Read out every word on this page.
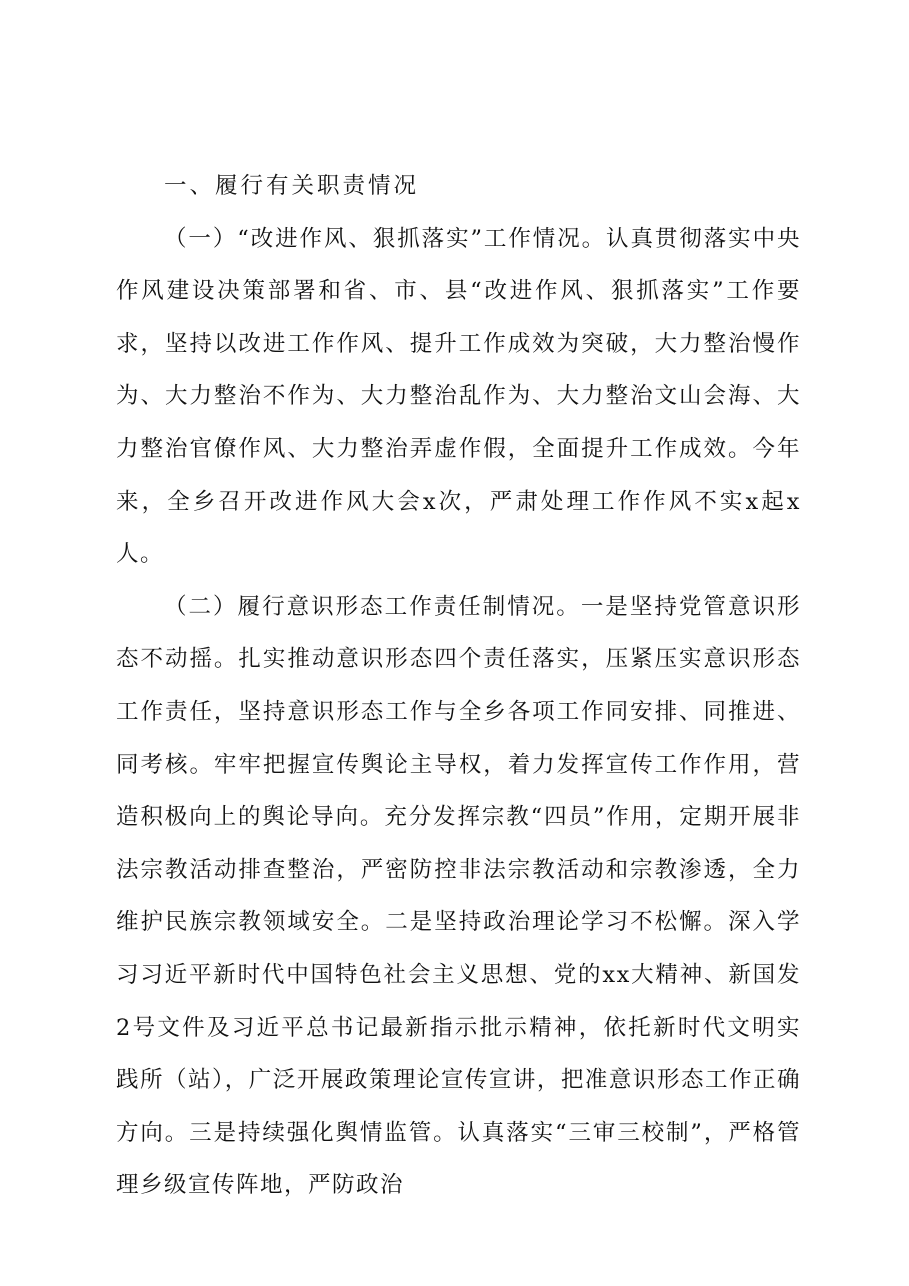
一、履行有关职责情况

（一）“改进作风、狠抓落实”工作情况。认真贯彻落实中央作风建设决策部署和省、市、县“改进作风、狠抓落实”工作要求，坚持以改进工作作风、提升工作成效为突破，大力整治慢作为、大力整治不作为、大力整治乱作为、大力整治文山会海、大力整治官僚作风、大力整治弄虚作假，全面提升工作成效。今年来，全乡召开改进作风大会x次，严肃处理工作作风不实x起x人。

（二）履行意识形态工作责任制情况。一是坚持党管意识形态不动摇。扎实推动意识形态四个责任落实，压紧压实意识形态工作责任，坚持意识形态工作与全乡各项工作同安排、同推进、同考核。牢牢把握宣传舆论主导权，着力发挥宣传工作作用，营造积极向上的舆论导向。充分发挥宗教“四员”作用，定期开展非法宗教活动排查整治，严密防控非法宗教活动和宗教渗透，全力维护民族宗教领域安全。二是坚持政治理论学习不松懈。深入学习习近平新时代中国特色社会主义思想、党的xx大精神、新国发2号文件及习近平总书记最新指示批示精神，依托新时代文明实践所（站），广泛开展政策理论宣传宣讲，把准意识形态工作正确方向。三是持续强化舆情监管。认真落实“三审三校制”，严格管理乡级宣传阵地，严防政治
